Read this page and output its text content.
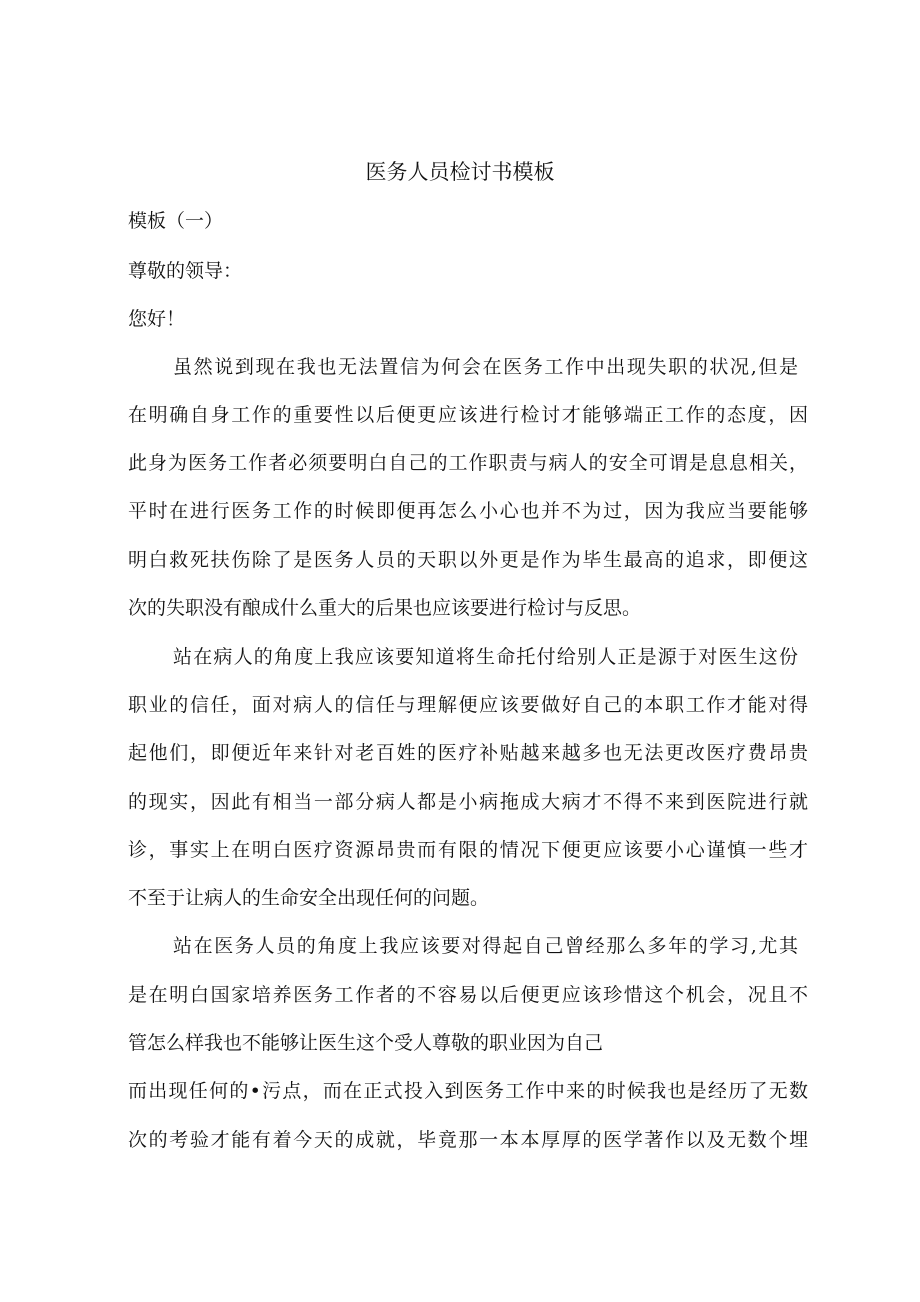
医务人员检讨书模板
模板（一）
尊敬的领导：
您好！
虽然说到现在我也无法置信为何会在医务工作中出现失职的状况,但是
在明确自身工作的重要性以后便更应该进行检讨才能够端正工作的态度，因
此身为医务工作者必须要明白自己的工作职责与病人的安全可谓是息息相关，
平时在进行医务工作的时候即便再怎么小心也并不为过，因为我应当要能够
明白救死扶伤除了是医务人员的天职以外更是作为毕生最高的追求，即便这
次的失职没有酿成什么重大的后果也应该要进行检讨与反思。
站在病人的角度上我应该要知道将生命托付给别人正是源于对医生这份
职业的信任，面对病人的信任与理解便应该要做好自己的本职工作才能对得
起他们，即便近年来针对老百姓的医疗补贴越来越多也无法更改医疗费昂贵
的现实，因此有相当一部分病人都是小病拖成大病才不得不来到医院进行就
诊，事实上在明白医疗资源昂贵而有限的情况下便更应该要小心谨慎一些才
不至于让病人的生命安全出现任何的问题。
站在医务人员的角度上我应该要对得起自己曾经那么多年的学习,尤其
是在明白国家培养医务工作者的不容易以后便更应该珍惜这个机会，况且不
管怎么样我也不能够让医生这个受人尊敬的职业因为自己
而出现任何的•污点，而在正式投入到医务工作中来的时候我也是经历了无数
次的考验才能有着今天的成就，毕竟那一本本厚厚的医学著作以及无数个埋
